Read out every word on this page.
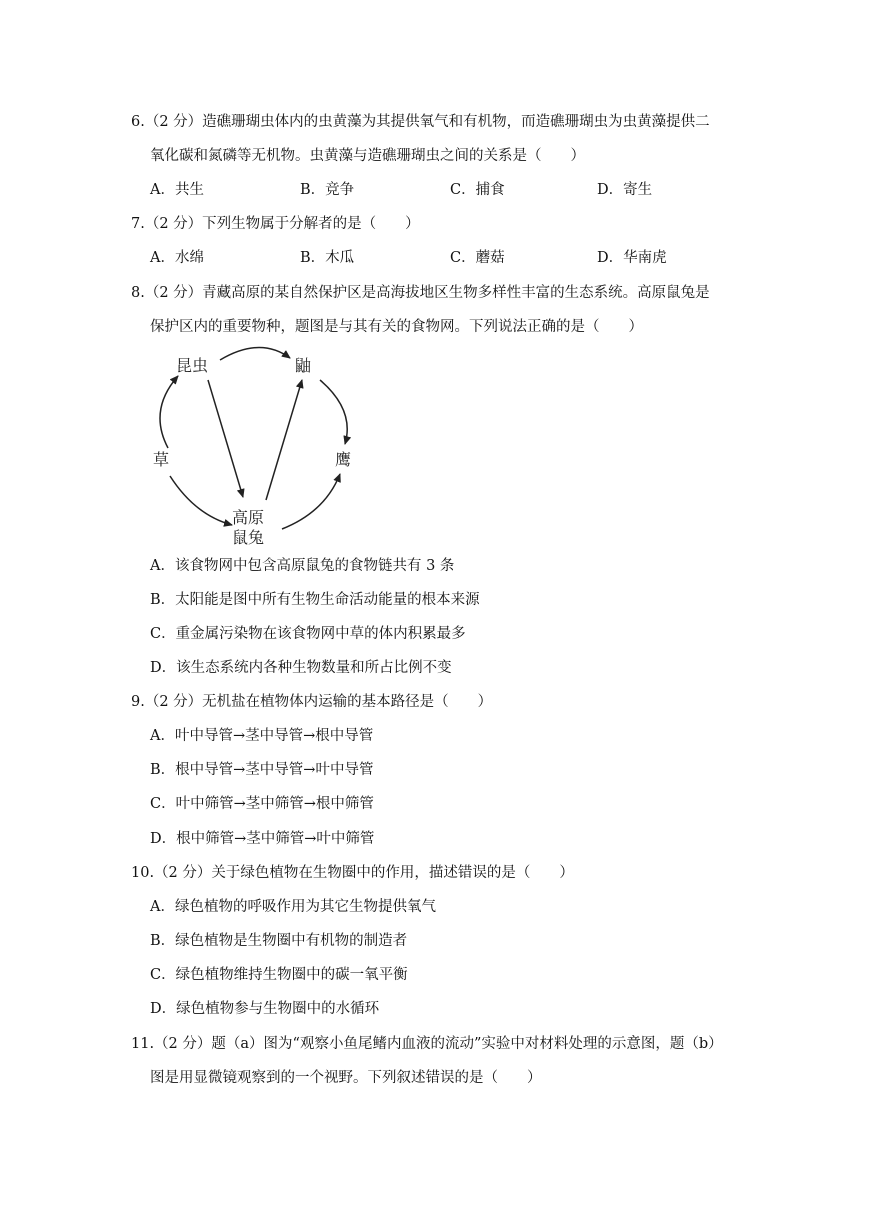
6.（2 分）造礁珊瑚虫体内的虫黄藻为其提供氧气和有机物，而造礁珊瑚虫为虫黄藻提供二
氧化碳和氮磷等无机物。虫黄藻与造礁珊瑚虫之间的关系是（　　）
A．共生	B．竞争	C．捕食	D．寄生
7.（2 分）下列生物属于分解者的是（　　）
A．水绵	B．木瓜	C．蘑菇	D．华南虎
8.（2 分）青藏高原的某自然保护区是高海拔地区生物多样性丰富的生态系统。高原鼠兔是
保护区内的重要物种，题图是与其有关的食物网。下列说法正确的是（　　）
昆虫	鼬
草	鹰
高原
鼠兔
A．该食物网中包含高原鼠兔的食物链共有 3 条
B．太阳能是图中所有生物生命活动能量的根本来源
C．重金属污染物在该食物网中草的体内积累最多
D．该生态系统内各种生物数量和所占比例不变
9.（2 分）无机盐在植物体内运输的基本路径是（　　）
A．叶中导管→茎中导管→根中导管
B．根中导管→茎中导管→叶中导管
C．叶中筛管→茎中筛管→根中筛管
D．根中筛管→茎中筛管→叶中筛管
10.（2 分）关于绿色植物在生物圈中的作用，描述错误的是（　　）
A．绿色植物的呼吸作用为其它生物提供氧气
B．绿色植物是生物圈中有机物的制造者
C．绿色植物维持生物圈中的碳一氧平衡
D．绿色植物参与生物圈中的水循环
11.（2 分）题（a）图为“观察小鱼尾鳍内血液的流动”实验中对材料处理的示意图，题（b）
图是用显微镜观察到的一个视野。下列叙述错误的是（　　）
